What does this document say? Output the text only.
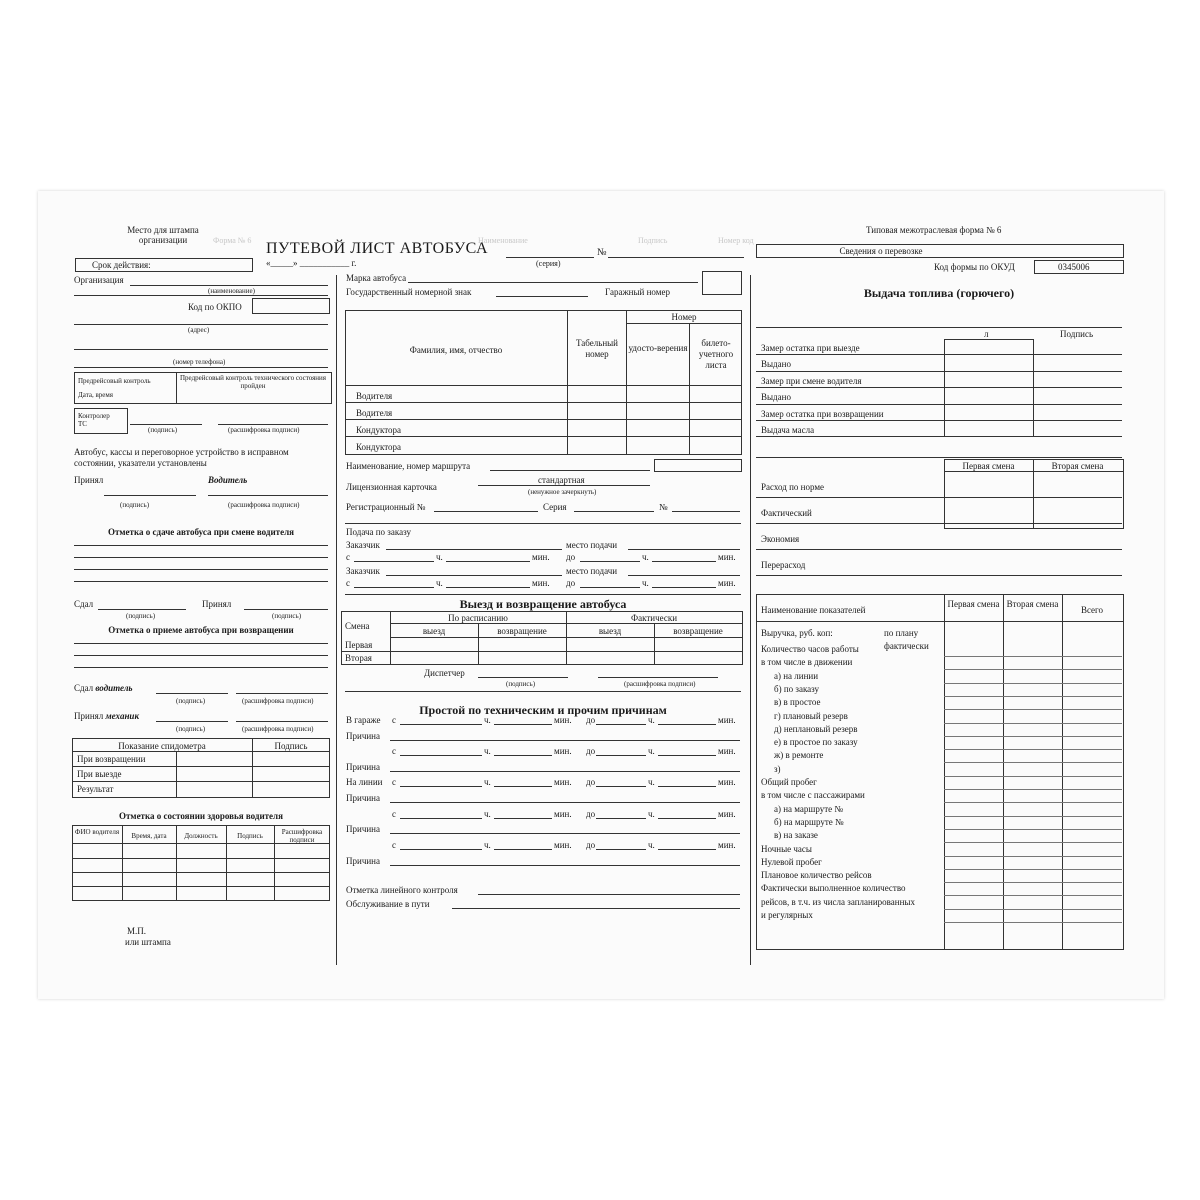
Форма № 6	Наименование	Подпись	Номер код
Место для штампа организации
Типовая межотраслевая форма № 6
ПУТЕВОЙ ЛИСТ АВТОБУСА
(серия)
№
«_____» ___________ г.
Срок действия:
Сведения о перевозке
Код формы по ОКУД	0345006
Организация
(наименование)
Код по ОКПО
(адрес)
(номер телефона)
Предрейсовый контроль	Предрейсовый контроль технического состояния пройден
Дата, время
Контролер ТС
(подпись)	(расшифровка подписи)
Автобус, кассы и переговорное устройство в исправном состоянии, указатели установлены
Принял	Водитель
(подпись)	(расшифровка подписи)
Отметка о сдаче автобуса при смене водителя
Сдал	Принял
(подпись)	(подпись)
Отметка о приеме автобуса при возвращении
Сдал водитель
(подпись)	(расшифровка подписи)
Принял механик
(подпись)	(расшифровка подписи)
Показание спидометра	Подпись
При возвращении
При выезде
Результат
Отметка о состоянии здоровья водителя
ФИО водителя	Время, дата	Должность	Подпись	Расшифровка подписи
М.П.
или штампа
Марка автобуса
Государственный номерной знак	Гаражный номер
Фамилия, имя, отчество
Табельный номер
Номер
удосто-верения	билето-учетного листа
Водителя
Водителя
Кондуктора
Кондуктора
Наименование, номер маршрута
Лицензионная карточка
стандартная
(ненужное зачеркнуть)
Регистрационный №	Серия	№
Подача по заказу
Заказчик	место подачи
с	ч.	мин. до	ч.	мин.
Заказчик	место подачи
с	ч.	мин. до	ч.	мин.
Выезд и возвращение автобуса
Смена
По расписанию	Фактически
выезд	возвращение	выезд	возвращение
Первая
Вторая
Диспетчер
(подпись)	(расшифровка подписи)
Простой по техническим и прочим причинам
В гараже с	ч.	мин. до	ч.	мин.
Причина
с	ч.	мин. до	ч.	мин.
Причина
На линии с	ч.	мин. до	ч.	мин.
Причина
с	ч.	мин. до	ч.	мин.
Причина
с	ч.	мин. до	ч.	мин.
Причина
Отметка линейного контроля
Обслуживание в пути
Выдача топлива (горючего)
л	Подпись
Замер остатка при выезде
Выдано
Замер при смене водителя
Выдано
Замер остатка при возвращении
Выдача масла
Первая смена	Вторая смена
Расход по норме
Фактический
Экономия
Перерасход
Наименование показателей
Первая смена Вторая смена
Всего
Выручка, руб. коп:	по плану
фактически
Количество часов работы
в том числе в движении
а) на линии
б) по заказу
в) в простое
г) плановый резерв
д) неплановый резерв
е) в простое по заказу
ж) в ремонте
з)
Общий пробег
в том числе с пассажирами
а) на маршруте №
б) на маршруте №
в) на заказе
Ночные часы
Нулевой пробег
Плановое количество рейсов
Фактически выполненное количество
рейсов, в т.ч. из числа запланированных
и регулярных
